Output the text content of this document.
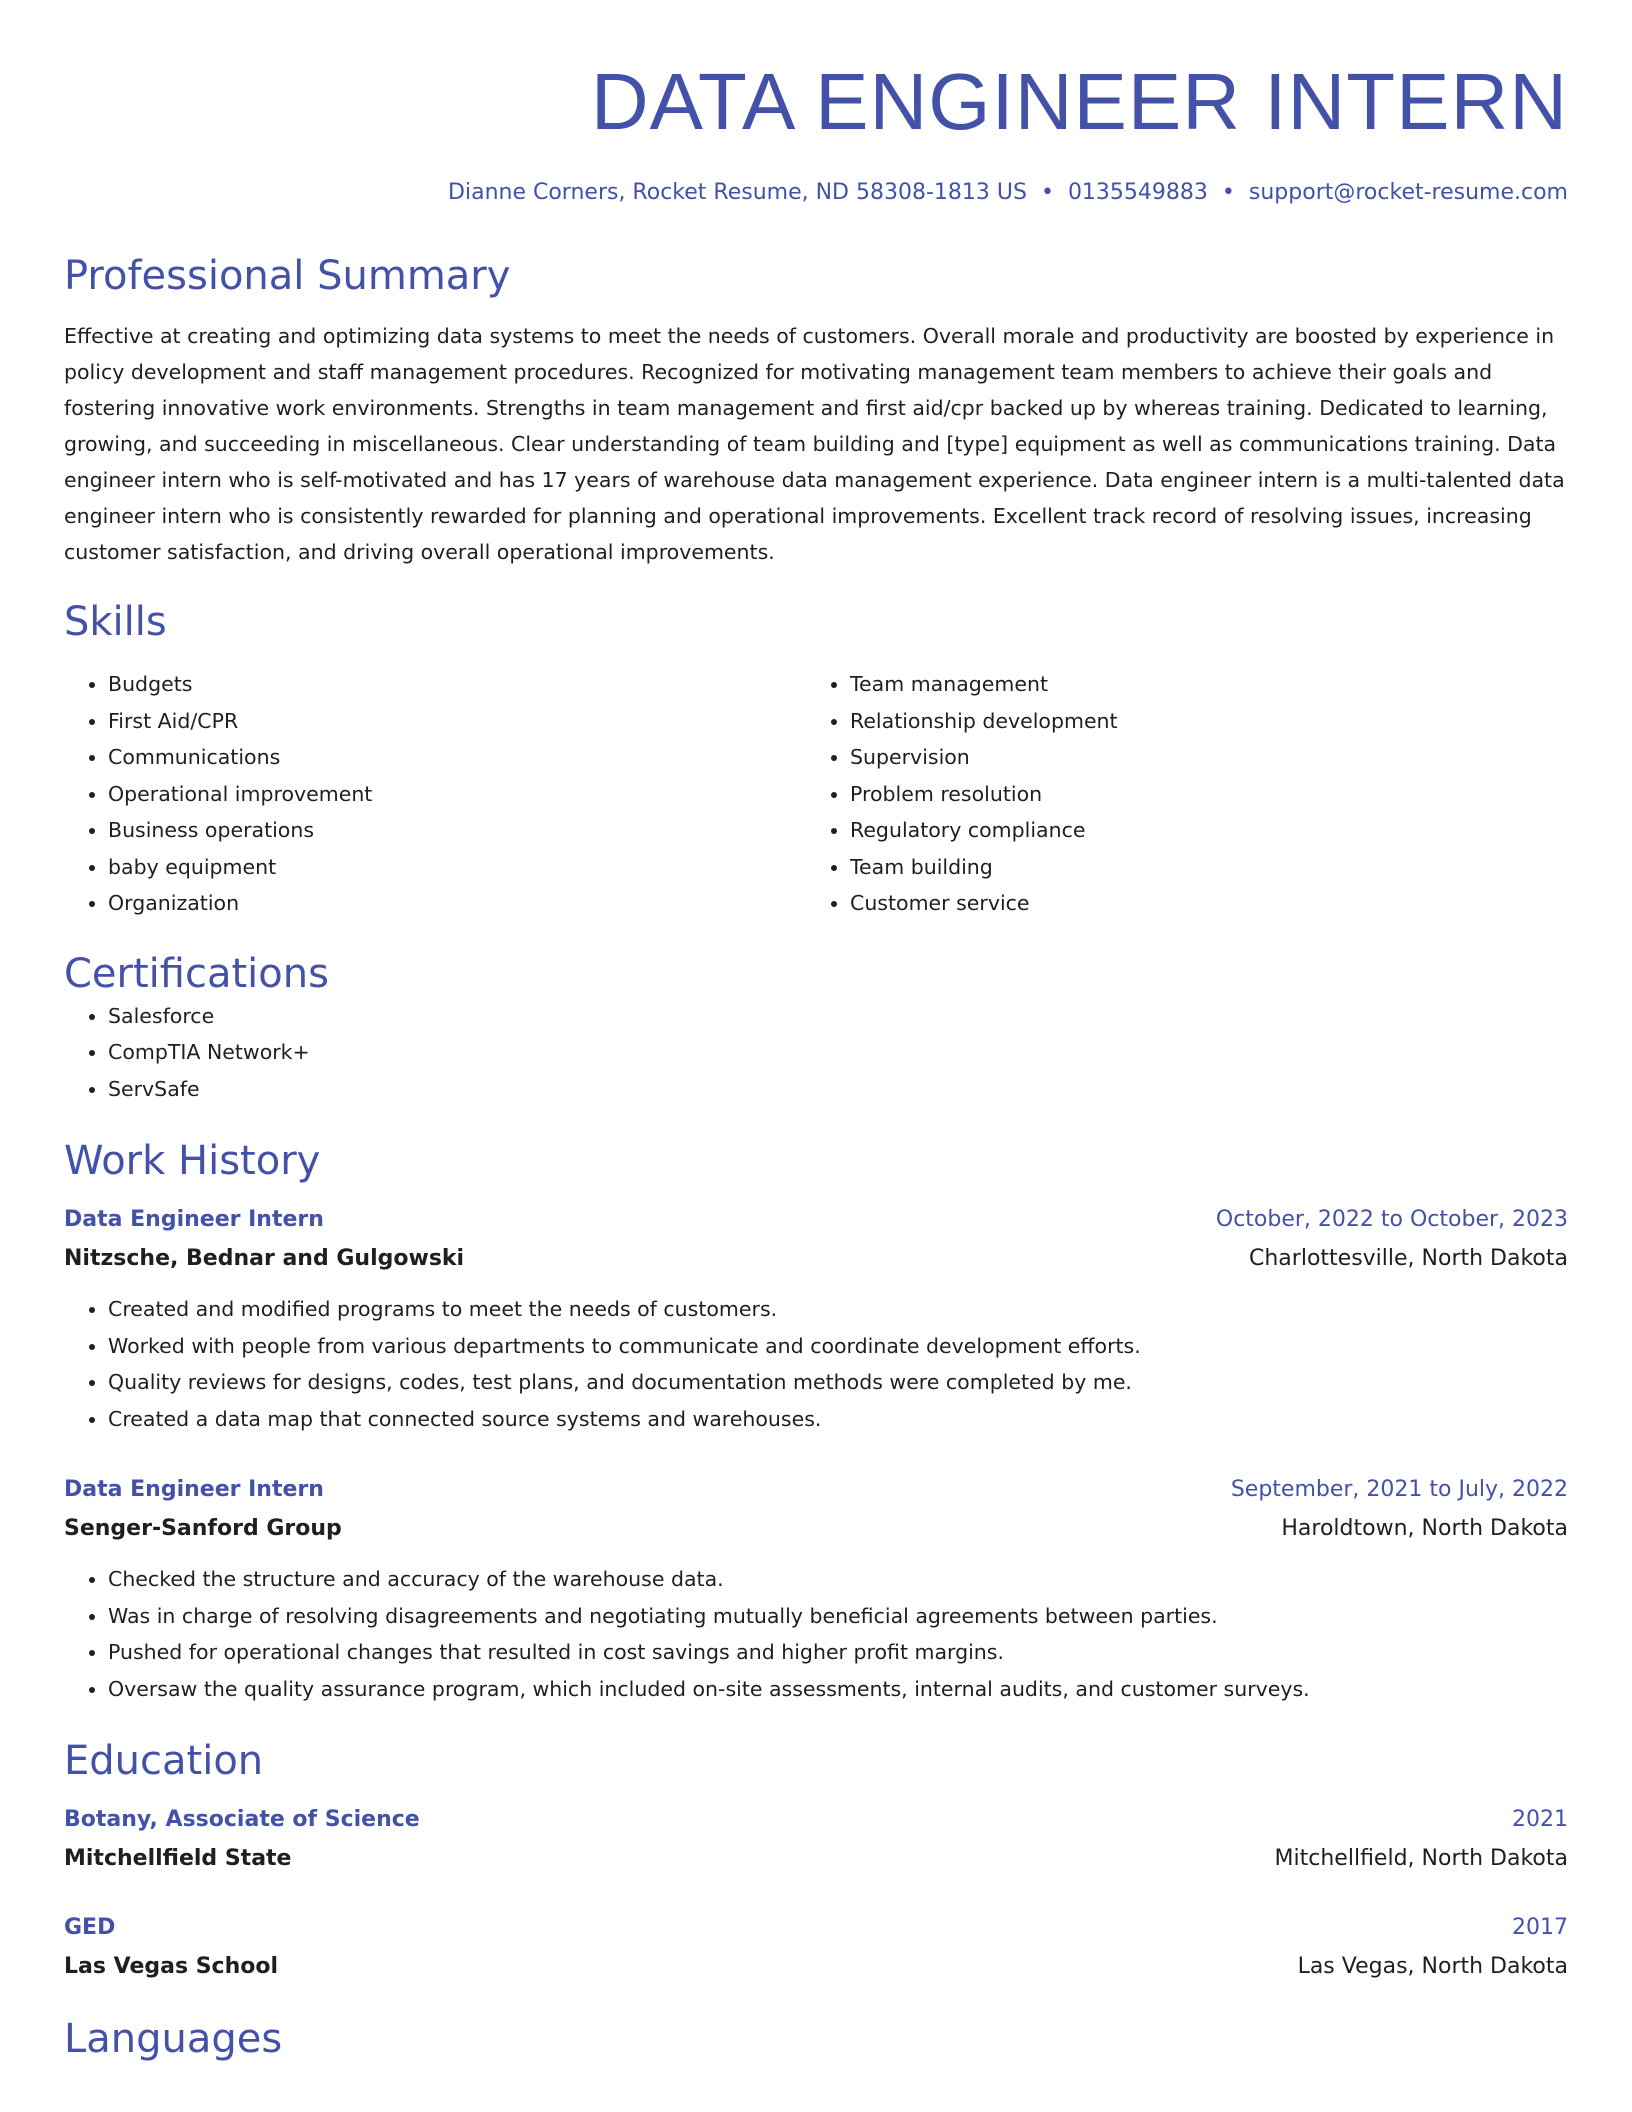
DATA ENGINEER INTERN
Dianne Corners, Rocket Resume, ND 58308-1813 US • 0135549883 • support@rocket-resume.com
Professional Summary
Effective at creating and optimizing data systems to meet the needs of customers. Overall morale and productivity are boosted by experience in policy development and staff management procedures. Recognized for motivating management team members to achieve their goals and fostering innovative work environments. Strengths in team management and first aid/cpr backed up by whereas training. Dedicated to learning, growing, and succeeding in miscellaneous. Clear understanding of team building and [type] equipment as well as communications training. Data engineer intern who is self-motivated and has 17 years of warehouse data management experience. Data engineer intern is a multi-talented data engineer intern who is consistently rewarded for planning and operational improvements. Excellent track record of resolving issues, increasing customer satisfaction, and driving overall operational improvements.
Skills
• Budgets
• First Aid/CPR
• Communications
• Operational improvement
• Business operations
• baby equipment
• Organization
• Team management
• Relationship development
• Supervision
• Problem resolution
• Regulatory compliance
• Team building
• Customer service
Certifications
• Salesforce
• CompTIA Network+
• ServSafe
Work History
Data Engineer Intern	October, 2022 to October, 2023
Nitzsche, Bednar and Gulgowski	Charlottesville, North Dakota
• Created and modified programs to meet the needs of customers.
• Worked with people from various departments to communicate and coordinate development efforts.
• Quality reviews for designs, codes, test plans, and documentation methods were completed by me.
• Created a data map that connected source systems and warehouses.
Data Engineer Intern	September, 2021 to July, 2022
Senger-Sanford Group	Haroldtown, North Dakota
• Checked the structure and accuracy of the warehouse data.
• Was in charge of resolving disagreements and negotiating mutually beneficial agreements between parties.
• Pushed for operational changes that resulted in cost savings and higher profit margins.
• Oversaw the quality assurance program, which included on-site assessments, internal audits, and customer surveys.
Education
Botany, Associate of Science	2021
Mitchellfield State	Mitchellfield, North Dakota
GED	2017
Las Vegas School	Las Vegas, North Dakota
Languages
